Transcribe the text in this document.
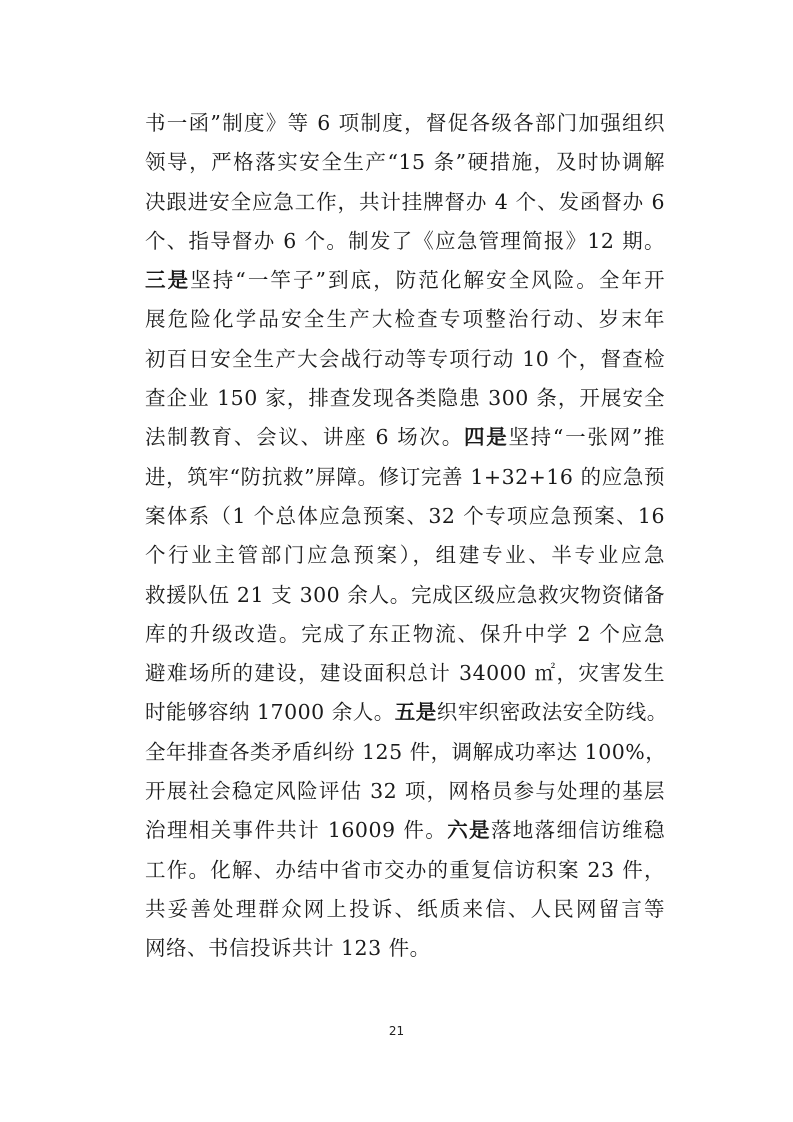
书一函”制度》等 6 项制度，督促各级各部门加强组织
领导，严格落实安全生产“15 条”硬措施，及时协调解
决跟进安全应急工作，共计挂牌督办 4 个、发函督办 6
个、指导督办 6 个。制发了《应急管理简报》12 期。
三是坚持“一竿子”到底，防范化解安全风险。全年开
展危险化学品安全生产大检查专项整治行动、岁末年
初百日安全生产大会战行动等专项行动 10 个，督查检
查企业 150 家，排查发现各类隐患 300 条，开展安全
法制教育、会议、讲座 6 场次。四是坚持“一张网”推
进，筑牢“防抗救”屏障。修订完善 1+32+16 的应急预
案体系（1 个总体应急预案、32 个专项应急预案、16
个行业主管部门应急预案），组建专业、半专业应急
救援队伍 21 支 300 余人。完成区级应急救灾物资储备
库的升级改造。完成了东正物流、保升中学 2 个应急
避难场所的建设，建设面积总计 34000 ㎡，灾害发生
时能够容纳 17000 余人。五是织牢织密政法安全防线。
全年排查各类矛盾纠纷 125 件，调解成功率达 100%，
开展社会稳定风险评估 32 项，网格员参与处理的基层
治理相关事件共计 16009 件。六是落地落细信访维稳
工作。化解、办结中省市交办的重复信访积案 23 件，
共妥善处理群众网上投诉、纸质来信、人民网留言等
网络、书信投诉共计 123 件。
21
